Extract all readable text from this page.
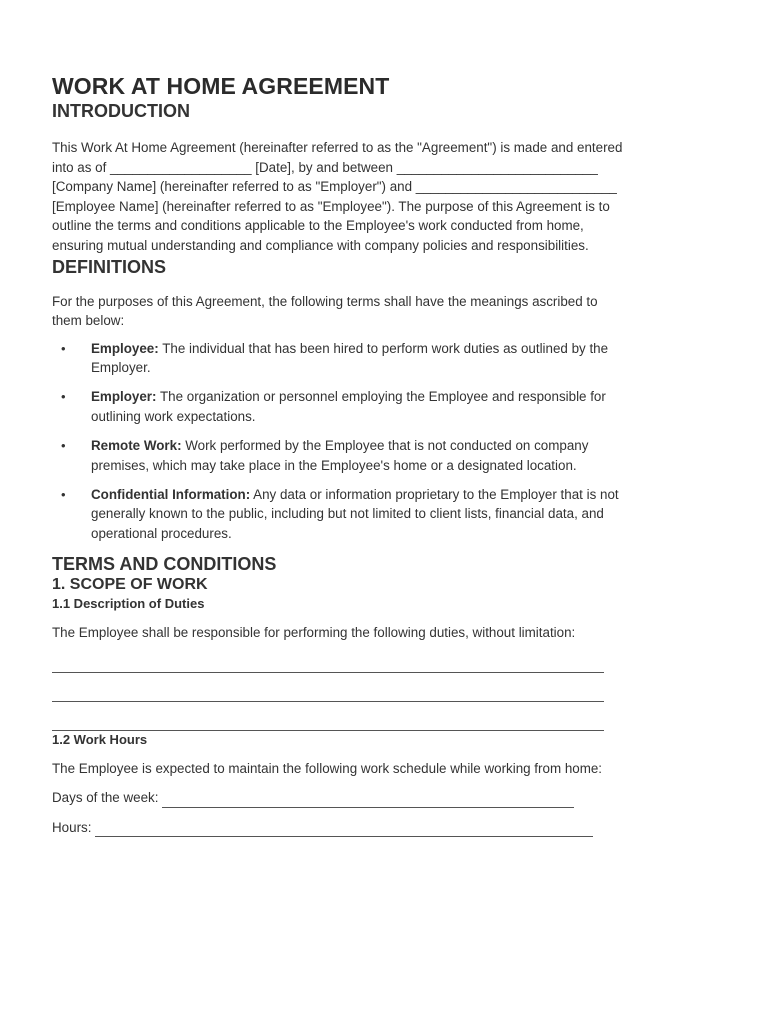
WORK AT HOME AGREEMENT
INTRODUCTION

This Work At Home Agreement (hereinafter referred to as the "Agreement") is made and entered

into as of ___________________ [Date], by and between ___________________________

[Company Name] (hereinafter referred to as "Employer") and ___________________________

[Employee Name] (hereinafter referred to as "Employee"). The purpose of this Agreement is to

outline the terms and conditions applicable to the Employee's work conducted from home,

ensuring mutual understanding and compliance with company policies and responsibilities.

DEFINITIONS

For the purposes of this Agreement, the following terms shall have the meanings ascribed to

them below:

• Employee: The individual that has been hired to perform work duties as outlined by the
Employer.
• Employer: The organization or personnel employing the Employee and responsible for
outlining work expectations.
• Remote Work: Work performed by the Employee that is not conducted on company
premises, which may take place in the Employee's home or a designated location.
• Confidential Information: Any data or information proprietary to the Employer that is not
generally known to the public, including but not limited to client lists, financial data, and
operational procedures.
TERMS AND CONDITIONS
1. SCOPE OF WORK
1.1 Description of Duties

The Employee shall be responsible for performing the following duties, without limitation:

1.2 Work Hours

The Employee is expected to maintain the following work schedule while working from home:

Days of the week:
Hours:
